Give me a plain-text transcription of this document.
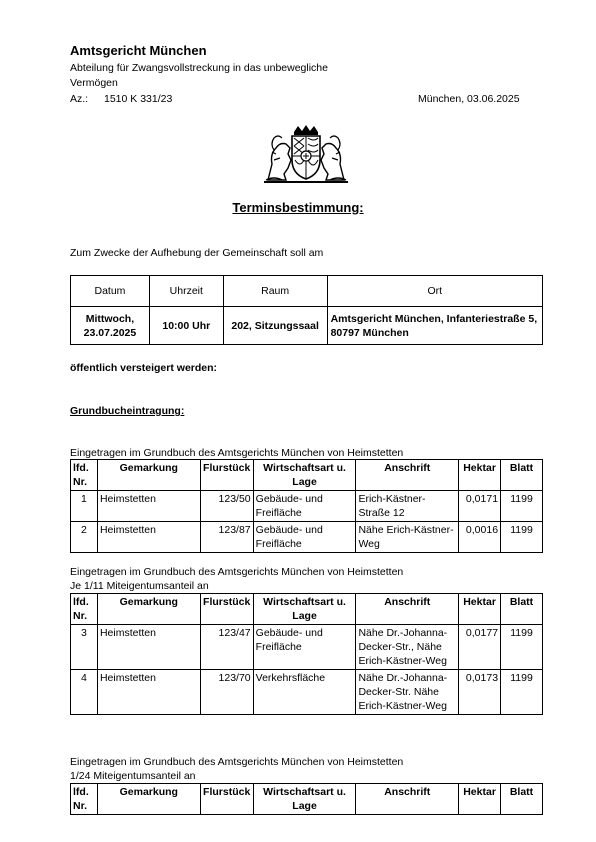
Amtsgericht München
Abteilung für Zwangsvollstreckung in das unbewegliche Vermögen
Az.: 1510 K 331/23	München, 03.06.2025
Terminsbestimmung:
Zum Zwecke der Aufhebung der Gemeinschaft soll am
Datum	Uhrzeit	Raum	Ort
Mittwoch, 23.07.2025	10:00 Uhr	202, Sitzungssaal	Amtsgericht München, Infanteriestraße 5, 80797 München
öffentlich versteigert werden:
Grundbucheintragung:
Eingetragen im Grundbuch des Amtsgerichts München von Heimstetten
lfd. Nr.	Gemarkung	Flurstück	Wirtschaftsart u. Lage	Anschrift	Hektar	Blatt
1	Heimstetten	123/50	Gebäude- und Freifläche	Erich-Kästner-Straße 12	0,0171	1199
2	Heimstetten	123/87	Gebäude- und Freifläche	Nähe Erich-Kästner-Weg	0,0016	1199
Eingetragen im Grundbuch des Amtsgerichts München von Heimstetten
Je 1/11 Miteigentumsanteil an
lfd. Nr.	Gemarkung	Flurstück	Wirtschaftsart u. Lage	Anschrift	Hektar	Blatt
3	Heimstetten	123/47	Gebäude- und Freifläche	Nähe Dr.-Johanna-Decker-Str., Nähe Erich-Kästner-Weg	0,0177	1199
4	Heimstetten	123/70	Verkehrsfläche	Nähe Dr.-Johanna-Decker-Str. Nähe Erich-Kästner-Weg	0,0173	1199
Eingetragen im Grundbuch des Amtsgerichts München von Heimstetten
1/24 Miteigentumsanteil an
lfd. Nr.	Gemarkung	Flurstück	Wirtschaftsart u. Lage	Anschrift	Hektar	Blatt
